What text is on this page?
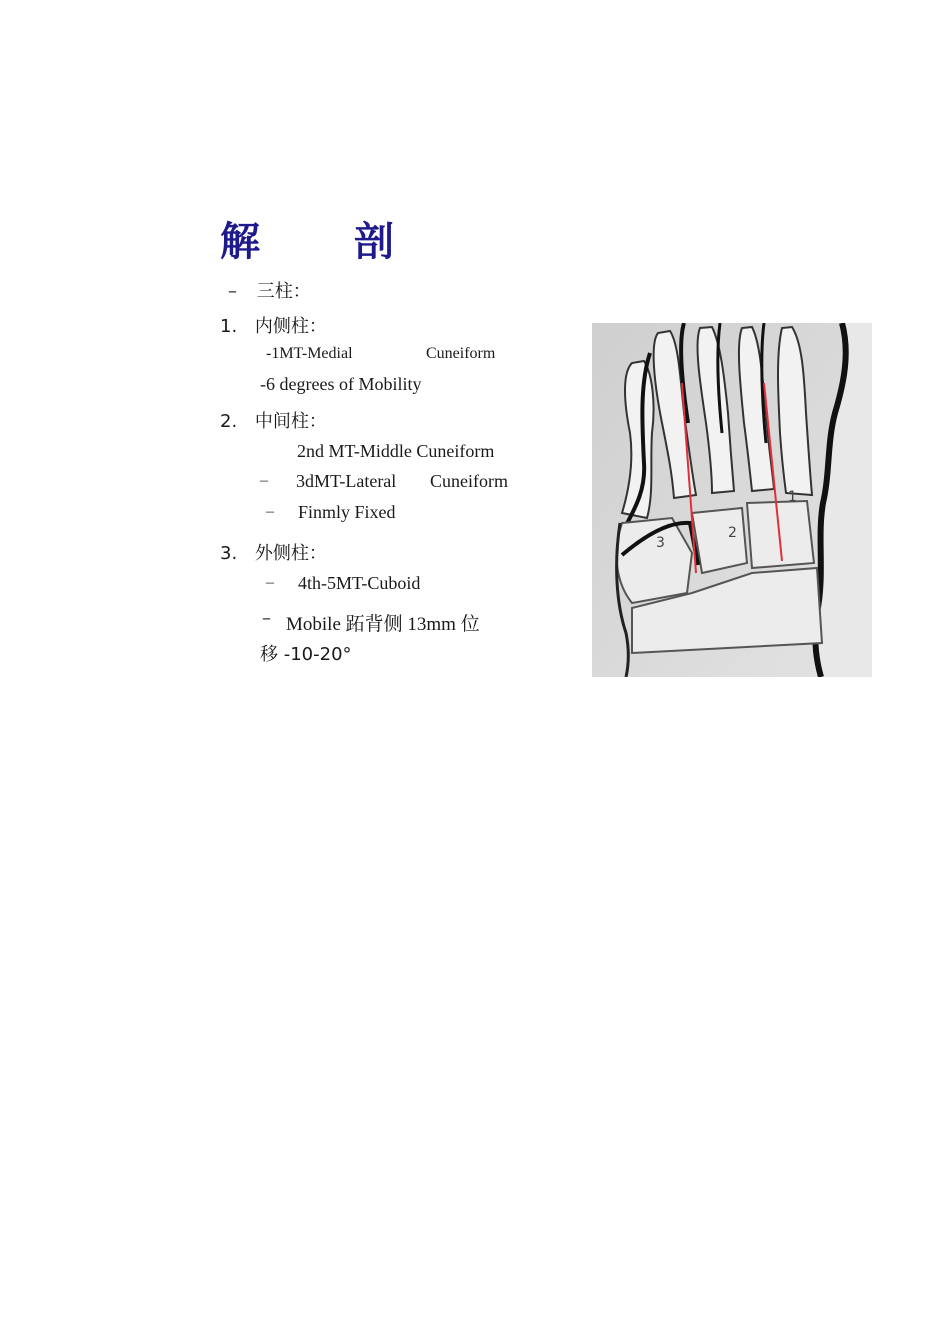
解 剖
– 三柱：
1. 内侧柱：
-1MT-Medial	Cuneiform
-6 degrees of Mobility
2. 中间柱：
2nd MT-Middle Cuneiform
– 3dMT-Lateral Cuneiform
– Finmly Fixed
3. 外侧柱：
– 4th-5MT-Cuboid
– Mobile 跖背侧 13mm 位
移 -10-20°
1
2
3
